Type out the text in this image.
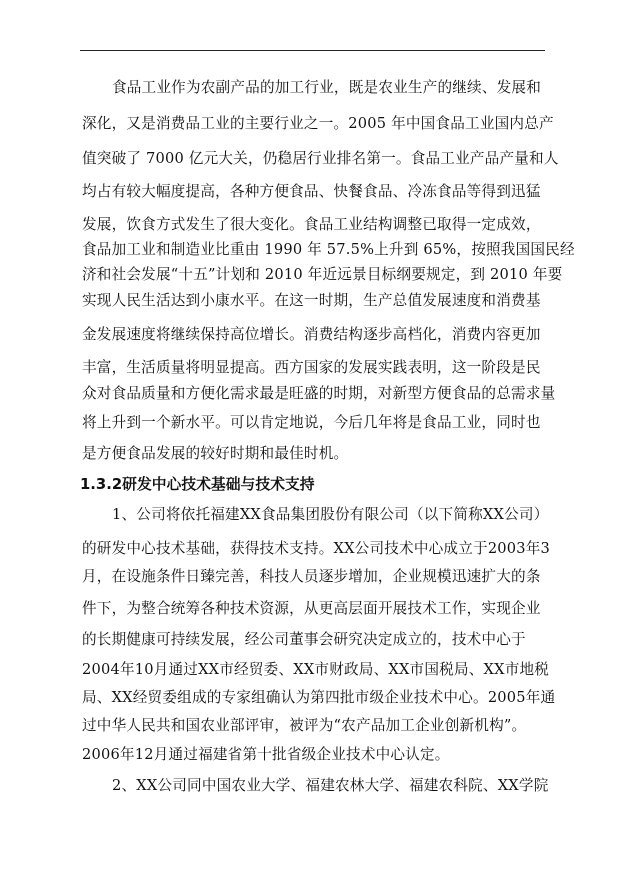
食品工业作为农副产品的加工行业，既是农业生产的继续、发展和
深化，又是消费品工业的主要行业之一。2005 年中国食品工业国内总产
值突破了 7000 亿元大关，仍稳居行业排名第一。食品工业产品产量和人
均占有较大幅度提高，各种方便食品、快餐食品、冷冻食品等得到迅猛
发展，饮食方式发生了很大变化。食品工业结构调整已取得一定成效，
食品加工业和制造业比重由 1990 年 57.5%上升到 65%，按照我国国民经
济和社会发展“十五”计划和 2010 年近远景目标纲要规定，到 2010 年要
实现人民生活达到小康水平。在这一时期，生产总值发展速度和消费基
金发展速度将继续保持高位增长。消费结构逐步高档化，消费内容更加
丰富，生活质量将明显提高。西方国家的发展实践表明，这一阶段是民
众对食品质量和方便化需求最是旺盛的时期，对新型方便食品的总需求量
将上升到一个新水平。可以肯定地说，今后几年将是食品工业，同时也
是方便食品发展的较好时期和最佳时机。
1.3.2研发中心技术基础与技术支持
1、公司将依托福建XX食品集团股份有限公司（以下简称XX公司）
的研发中心技术基础，获得技术支持。XX公司技术中心成立于2003年3
月，在设施条件日臻完善，科技人员逐步增加，企业规模迅速扩大的条
件下，为整合统筹各种技术资源，从更高层面开展技术工作，实现企业
的长期健康可持续发展，经公司董事会研究决定成立的，技术中心于
2004年10月通过XX市经贸委、XX市财政局、XX市国税局、XX市地税
局、XX经贸委组成的专家组确认为第四批市级企业技术中心。2005年通
过中华人民共和国农业部评审，被评为“农产品加工企业创新机构”。
2006年12月通过福建省第十批省级企业技术中心认定。
2、XX公司同中国农业大学、福建农林大学、福建农科院、XX学院
